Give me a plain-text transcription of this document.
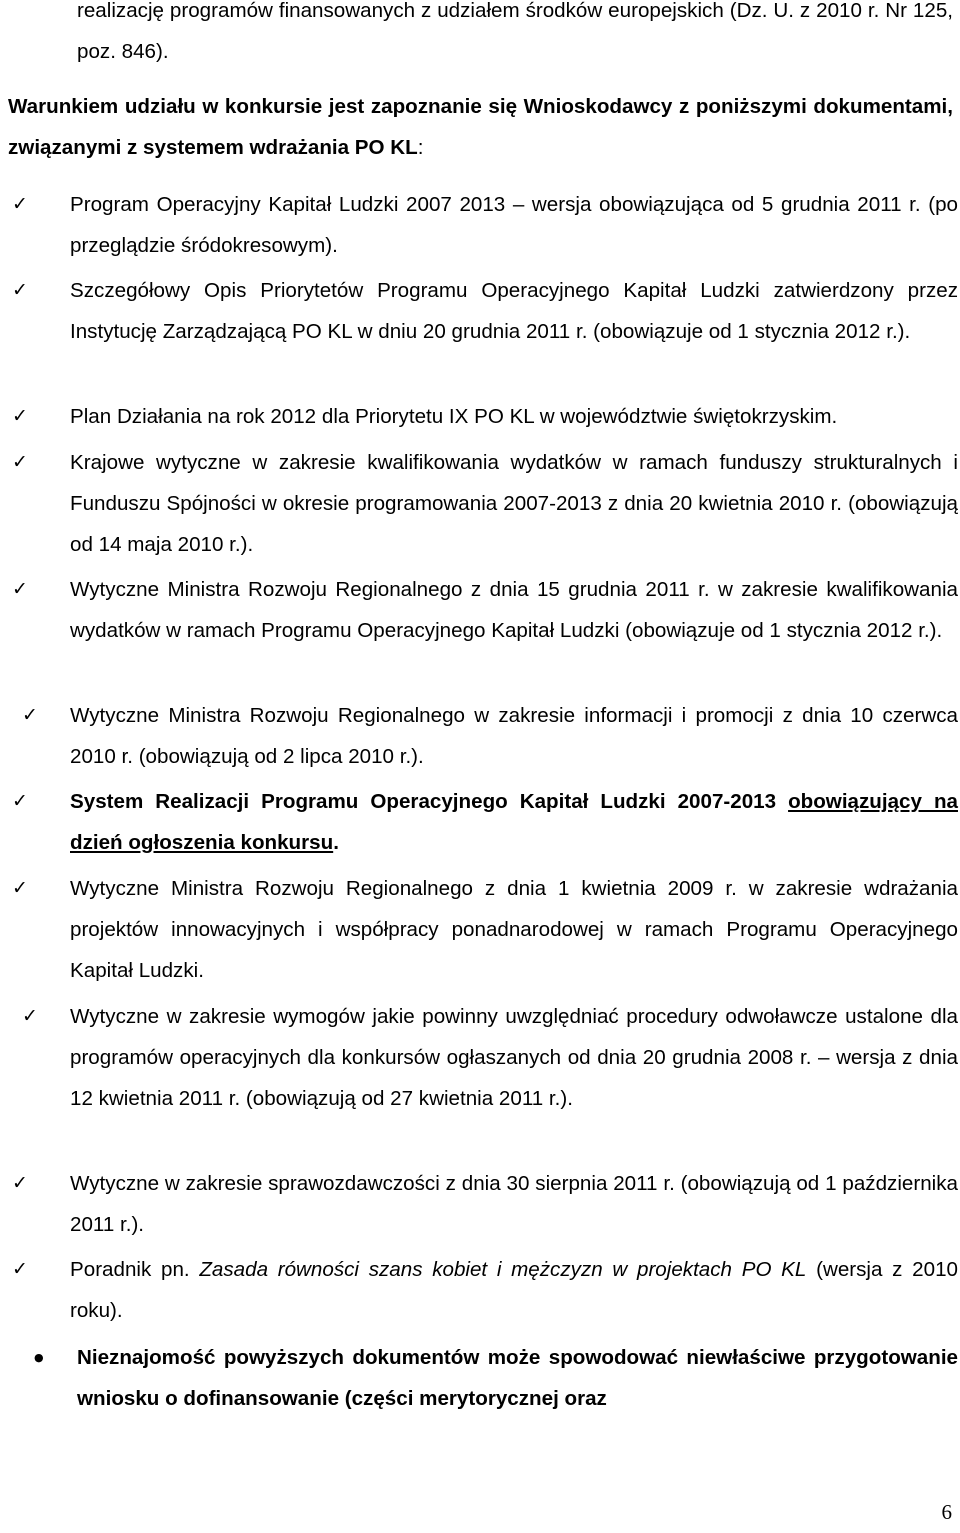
realizację programów finansowanych z udziałem środków europejskich (Dz. U. z 2010 r. Nr 125, poz. 846).
Warunkiem udziału w konkursie jest zapoznanie się Wnioskodawcy z poniższymi dokumentami, związanymi z systemem wdrażania PO KL:
✓ Program Operacyjny Kapitał Ludzki 2007 2013 – wersja obowiązująca od 5 grudnia 2011 r. (po przeglądzie śródokresowym).
✓ Szczegółowy Opis Priorytetów Programu Operacyjnego Kapitał Ludzki zatwierdzony przez Instytucję Zarządzającą PO KL w dniu 20 grudnia 2011 r. (obowiązuje od 1 stycznia 2012 r.).
✓ Plan Działania na rok 2012 dla Priorytetu IX PO KL w województwie świętokrzyskim.
✓ Krajowe wytyczne w zakresie kwalifikowania wydatków w ramach funduszy strukturalnych i Funduszu Spójności w okresie programowania 2007-2013 z dnia 20 kwietnia 2010 r. (obowiązują od 14 maja 2010 r.).
✓ Wytyczne Ministra Rozwoju Regionalnego z dnia 15 grudnia 2011 r. w zakresie kwalifikowania wydatków w ramach Programu Operacyjnego Kapitał Ludzki (obowiązuje od 1 stycznia 2012 r.).
✓ Wytyczne Ministra Rozwoju Regionalnego w zakresie informacji i promocji z dnia 10 czerwca 2010 r. (obowiązują od 2 lipca 2010 r.).
✓ System Realizacji Programu Operacyjnego Kapitał Ludzki 2007-2013 obowiązujący na dzień ogłoszenia konkursu.
✓ Wytyczne Ministra Rozwoju Regionalnego z dnia 1 kwietnia 2009 r. w zakresie wdrażania projektów innowacyjnych i współpracy ponadnarodowej w ramach Programu Operacyjnego Kapitał Ludzki.
✓ Wytyczne w zakresie wymogów jakie powinny uwzględniać procedury odwoławcze ustalone dla programów operacyjnych dla konkursów ogłaszanych od dnia 20 grudnia 2008 r. – wersja z dnia 12 kwietnia 2011 r. (obowiązują od 27 kwietnia 2011 r.).
✓ Wytyczne w zakresie sprawozdawczości z dnia 30 sierpnia 2011 r. (obowiązują od 1 października 2011 r.).
✓ Poradnik pn. Zasada równości szans kobiet i mężczyzn w projektach PO KL (wersja z 2010 roku).
● Nieznajomość powyższych dokumentów może spowodować niewłaściwe przygotowanie wniosku o dofinansowanie (części merytorycznej oraz
6
